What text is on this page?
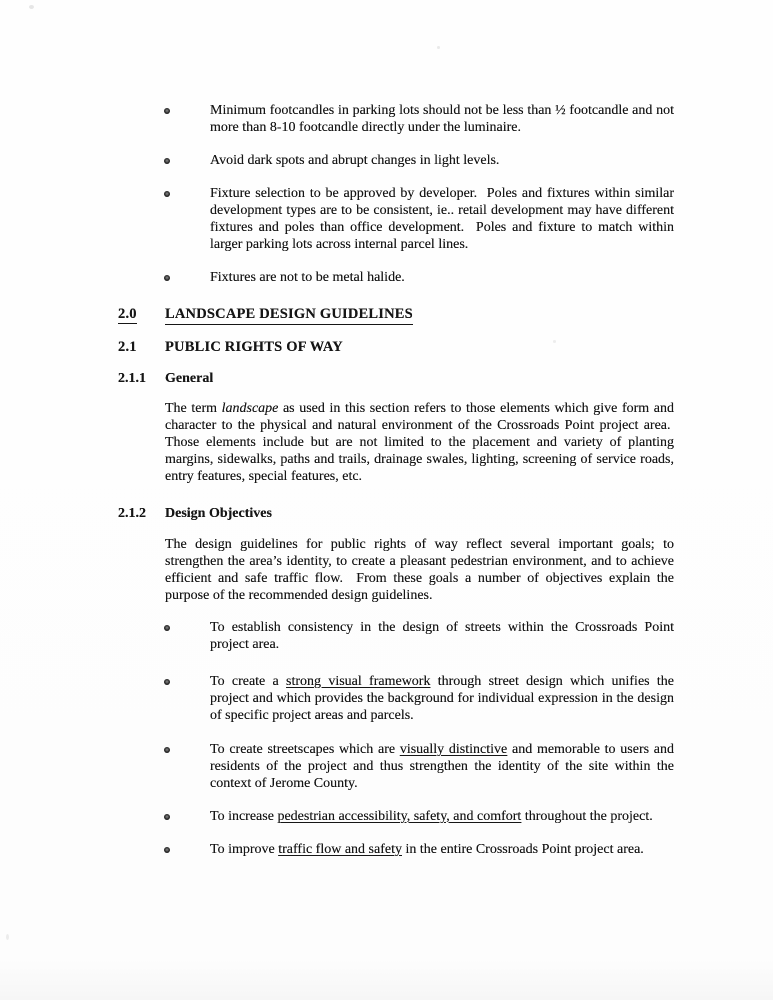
Minimum footcandles in parking lots should not be less than ½ footcandle and not more than 8-10 footcandle directly under the luminaire.
Avoid dark spots and abrupt changes in light levels.
Fixture selection to be approved by developer.  Poles and fixtures within similar development types are to be consistent, ie.. retail development may have different fixtures and poles than office development.  Poles and fixture to match within larger parking lots across internal parcel lines.
Fixtures are not to be metal halide.
2.0	LANDSCAPE DESIGN GUIDELINES
2.1	PUBLIC RIGHTS OF WAY
2.1.1	General
The term landscape as used in this section refers to those elements which give form and character to the physical and natural environment of the Crossroads Point project area.  Those elements include but are not limited to the placement and variety of planting margins, sidewalks, paths and trails, drainage swales, lighting, screening of service roads, entry features, special features, etc.
2.1.2	Design Objectives
The design guidelines for public rights of way reflect several important goals; to strengthen the area’s identity, to create a pleasant pedestrian environment, and to achieve efficient and safe traffic flow.  From these goals a number of objectives explain the purpose of the recommended design guidelines.
To establish consistency in the design of streets within the Crossroads Point project area.
To create a strong visual framework through street design which unifies the project and which provides the background for individual expression in the design of specific project areas and parcels.
To create streetscapes which are visually distinctive and memorable to users and residents of the project and thus strengthen the identity of the site within the context of Jerome County.
To increase pedestrian accessibility, safety, and comfort throughout the project.
To improve traffic flow and safety in the entire Crossroads Point project area.
